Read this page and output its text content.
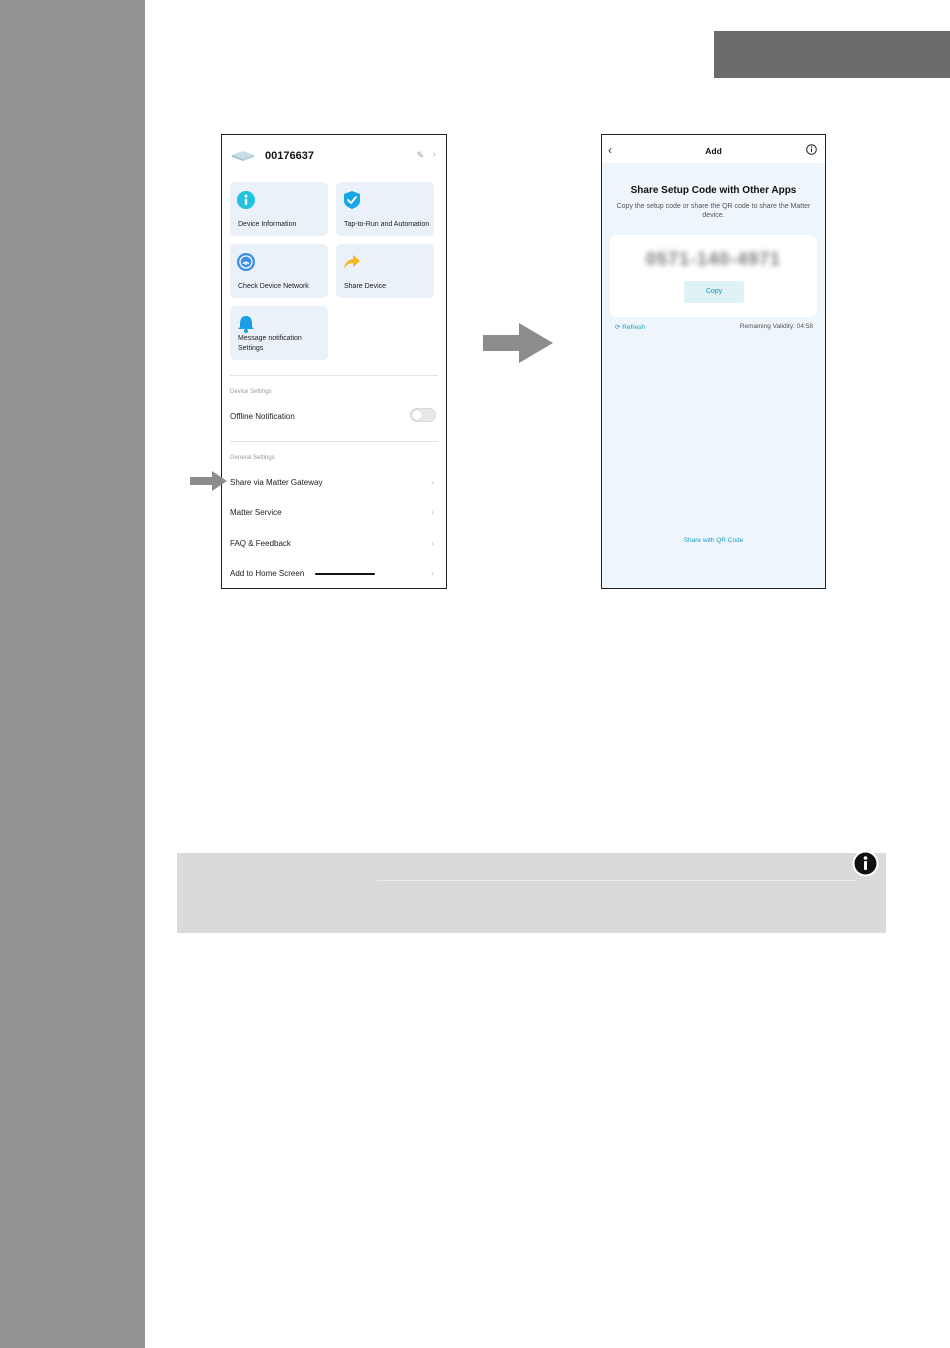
00176637	✎ ›
Device Information	Tap-to-Run and Automation
Check Device Network	Share Device
Message notification Settings
Device Settings
Offline Notification
General Settings
Share via Matter Gateway	›
Matter Service	›
FAQ & Feedback	›
Add to Home Screen	›
‹	Add
Share Setup Code with Other Apps
Copy the setup code or share the QR code to share the Matter device.
0571-140-4971
Copy
⟳ Refresh	Remaining Validity: 04:58
Share with QR Code
